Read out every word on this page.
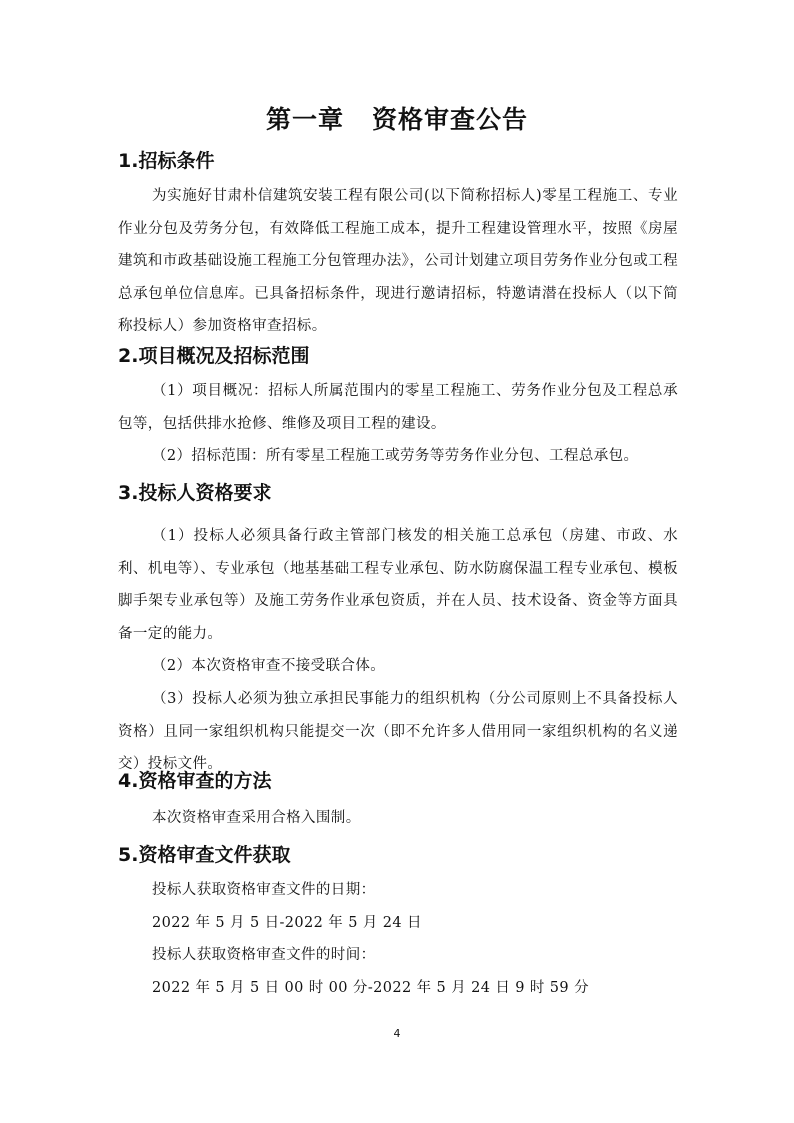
第一章 资格审查公告
1.招标条件

为实施好甘肃朴信建筑安装工程有限公司(以下简称招标人)零星工程施工、专业作业分包及劳务分包，有效降低工程施工成本，提升工程建设管理水平，按照《房屋建筑和市政基础设施工程施工分包管理办法》，公司计划建立项目劳务作业分包或工程总承包单位信息库。已具备招标条件，现进行邀请招标，特邀请潜在投标人（以下简称投标人）参加资格审查招标。

2.项目概况及招标范围

（1）项目概况：招标人所属范围内的零星工程施工、劳务作业分包及工程总承包等，包括供排水抢修、维修及项目工程的建设。

（2）招标范围：所有零星工程施工或劳务等劳务作业分包、工程总承包。

3.投标人资格要求

（1）投标人必须具备行政主管部门核发的相关施工总承包（房建、市政、水利、机电等）、专业承包（地基基础工程专业承包、防水防腐保温工程专业承包、模板脚手架专业承包等）及施工劳务作业承包资质，并在人员、技术设备、资金等方面具备一定的能力。

（2）本次资格审查不接受联合体。

（3）投标人必须为独立承担民事能力的组织机构（分公司原则上不具备投标人资格）且同一家组织机构只能提交一次（即不允许多人借用同一家组织机构的名义递交）投标文件。

4.资格审查的方法

本次资格审查采用合格入围制。

5.资格审查文件获取

投标人获取资格审查文件的日期：

2022 年 5 月 5 日-2022 年 5 月 24 日

投标人获取资格审查文件的时间：

2022 年 5 月 5 日 00 时 00 分-2022 年 5 月 24 日 9 时 59 分

4
